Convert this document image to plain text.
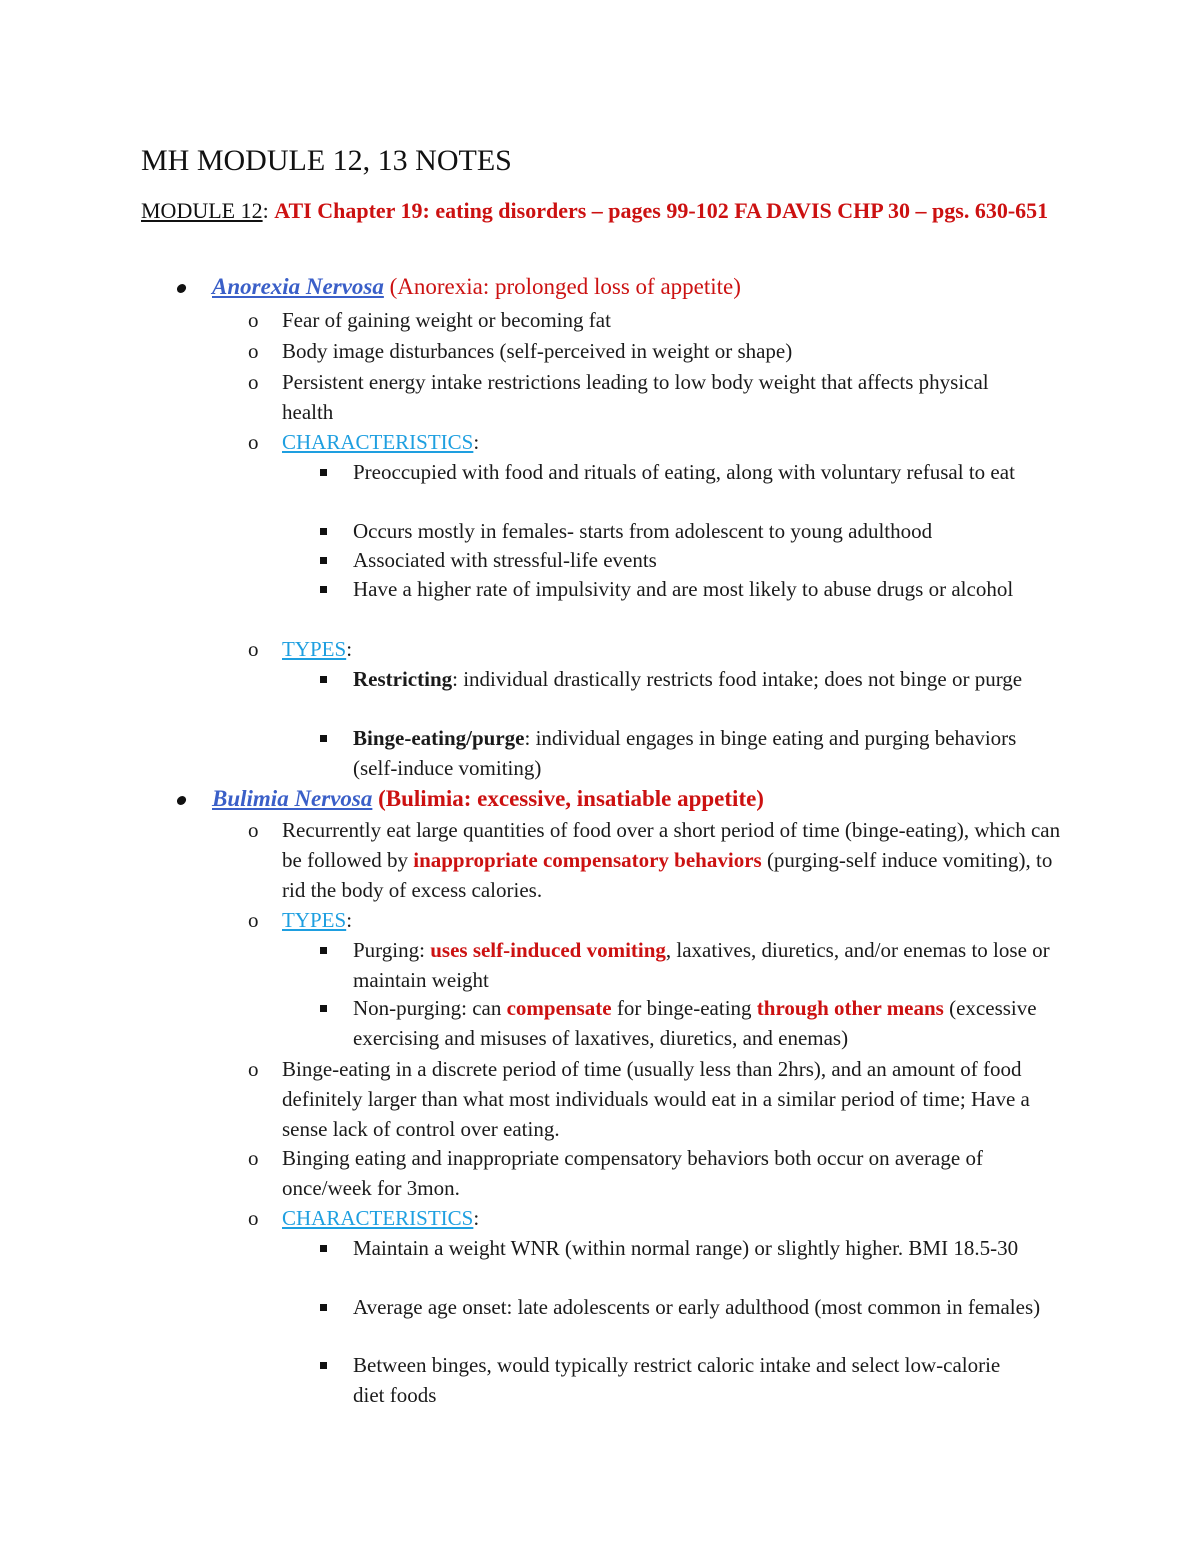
MH MODULE 12, 13 NOTES
MODULE 12: ATI Chapter 19: eating disorders – pages 99-102 FA DAVIS CHP 30 – pgs. 630-651
Anorexia Nervosa (Anorexia: prolonged loss of appetite)
o Fear of gaining weight or becoming fat
o Body image disturbances (self-perceived in weight or shape)
o Persistent energy intake restrictions leading to low body weight that affects physical health
o CHARACTERISTICS:
Preoccupied with food and rituals of eating, along with voluntary refusal to eat
Occurs mostly in females- starts from adolescent to young adulthood
Associated with stressful-life events
Have a higher rate of impulsivity and are most likely to abuse drugs or alcohol
o TYPES:
Restricting: individual drastically restricts food intake; does not binge or purge
Binge-eating/purge: individual engages in binge eating and purging behaviors (self-induce vomiting)
Bulimia Nervosa (Bulimia: excessive, insatiable appetite)
o Recurrently eat large quantities of food over a short period of time (binge-eating), which can be followed by inappropriate compensatory behaviors (purging-self induce vomiting), to rid the body of excess calories.
o TYPES:
Purging: uses self-induced vomiting, laxatives, diuretics, and/or enemas to lose or maintain weight
Non-purging: can compensate for binge-eating through other means (excessive exercising and misuses of laxatives, diuretics, and enemas)
o Binge-eating in a discrete period of time (usually less than 2hrs), and an amount of food definitely larger than what most individuals would eat in a similar period of time; Have a sense lack of control over eating.
o Binging eating and inappropriate compensatory behaviors both occur on average of once/week for 3mon.
o CHARACTERISTICS:
Maintain a weight WNR (within normal range) or slightly higher. BMI 18.5-30
Average age onset: late adolescents or early adulthood (most common in females)
Between binges, would typically restrict caloric intake and select low-calorie diet foods
